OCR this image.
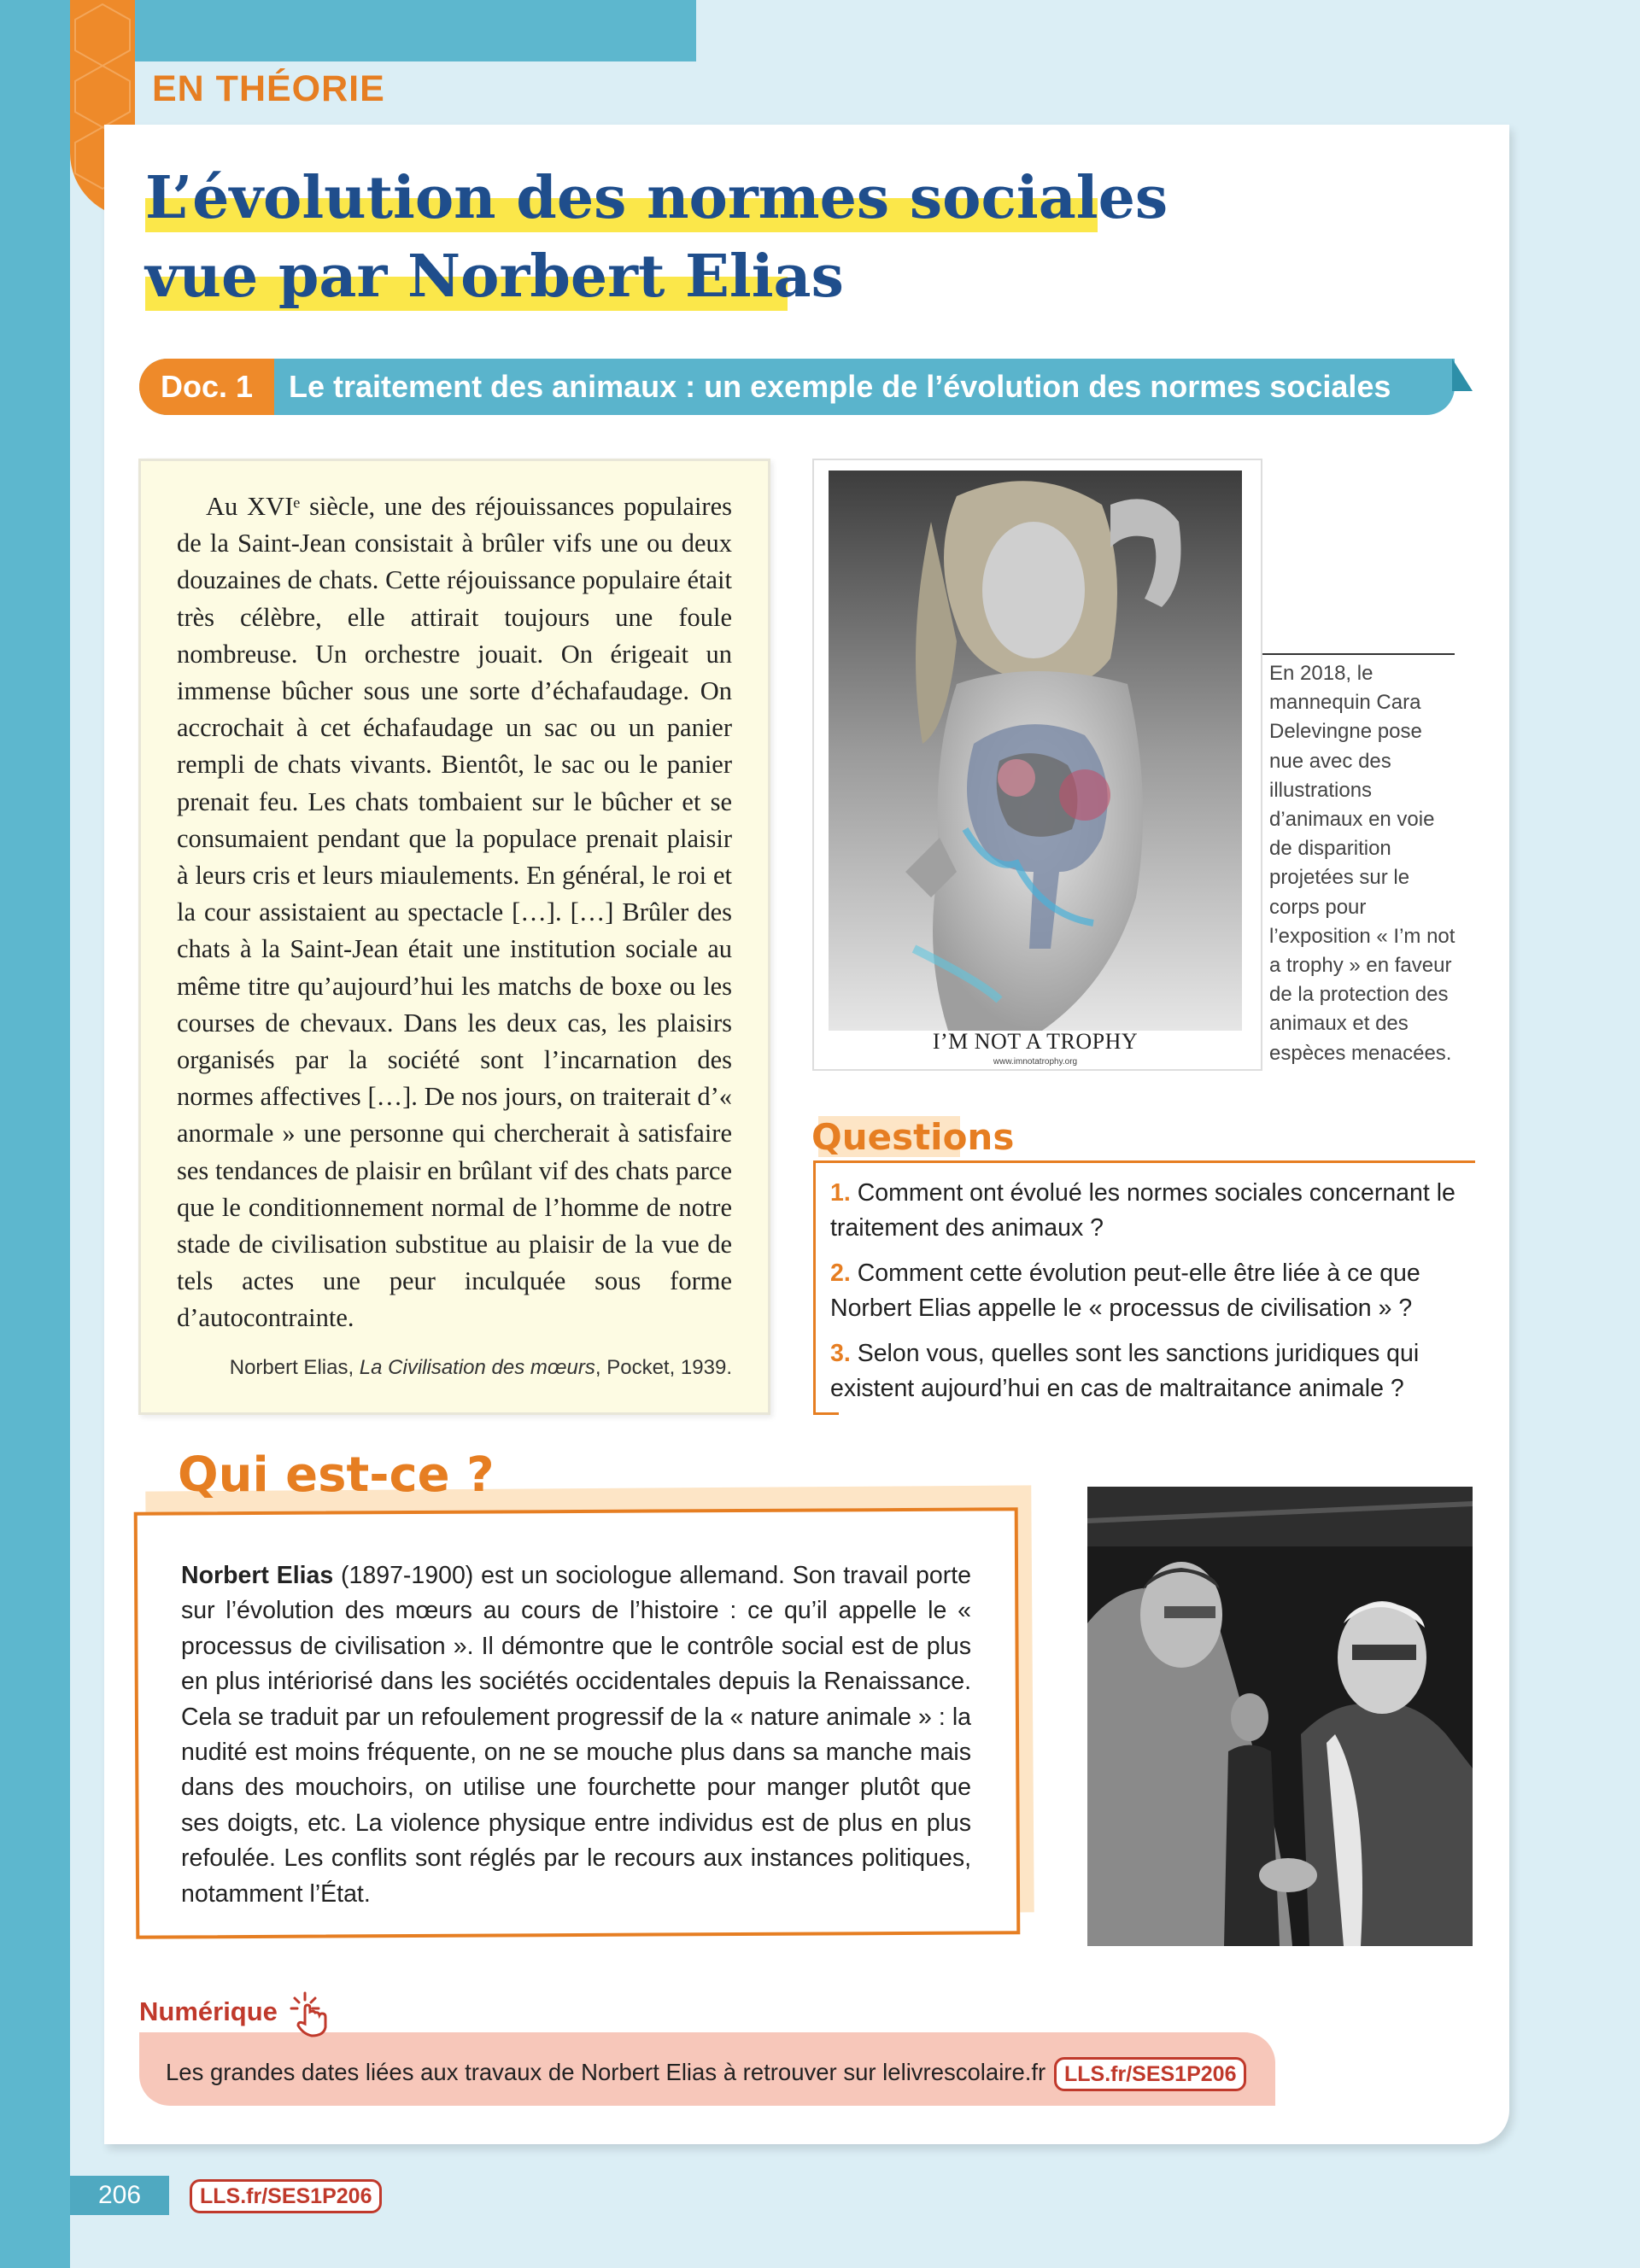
EN THÉORIE
L’évolution des normes sociales
vue par Norbert Elias
Doc. 1	Le traitement des animaux : un exemple de l’évolution des normes sociales

Au XVIᵉ siècle, une des réjouissances populaires de la Saint-Jean consistait à brûler vifs une ou deux douzaines de chats. Cette réjouissance populaire était très célèbre, elle attirait toujours une foule nombreuse. Un orchestre jouait. On érigeait un immense bûcher sous une sorte d’échafaudage. On accrochait à cet échafaudage un sac ou un panier rempli de chats vivants. Bientôt, le sac ou le panier prenait feu. Les chats tombaient sur le bûcher et se consumaient pendant que la populace prenait plaisir à leurs cris et leurs miaulements. En général, le roi et la cour assistaient au spectacle […]. […] Brûler des chats à la Saint-Jean était une institution sociale au même titre qu’aujourd’hui les matchs de boxe ou les courses de chevaux. Dans les deux cas, les plaisirs organisés par la société sont l’incarnation des normes affectives […]. De nos jours, on traiterait d’« anormale » une personne qui chercherait à satisfaire ses tendances de plaisir en brûlant vif des chats parce que le conditionnement normal de l’homme de notre stade de civilisation substitue au plaisir de la vue de tels actes une peur inculquée sous forme d’autocontrainte.

Norbert Elias, La Civilisation des mœurs, Pocket, 1939.

I’M NOT A TROPHY
www.imnotatrophy.org

En 2018, le mannequin Cara Delevingne pose nue avec des illustrations d’animaux en voie de disparition projetées sur le corps pour l’exposition « I’m not a trophy » en faveur de la protection des animaux et des espèces menacées.

Questions

1. Comment ont évolué les normes sociales concernant le traitement des animaux ?

2. Comment cette évolution peut-elle être liée à ce que Norbert Elias appelle le « processus de civilisation » ?

3. Selon vous, quelles sont les sanctions juridiques qui existent aujourd’hui en cas de maltraitance animale ?

Qui est-ce ?

Norbert Elias (1897-1900) est un sociologue allemand. Son travail porte sur l’évolution des mœurs au cours de l’histoire : ce qu’il appelle le « processus de civilisation ». Il démontre que le contrôle social est de plus en plus intériorisé dans les sociétés occidentales depuis la Renaissance. Cela se traduit par un refoulement progressif de la « nature animale » : la nudité est moins fréquente, on ne se mouche plus dans sa manche mais dans des mouchoirs, on utilise une fourchette pour manger plutôt que ses doigts, etc. La violence physique entre individus est de plus en plus refoulée. Les conflits sont réglés par le recours aux instances politiques, notamment l’État.

Numérique
Les grandes dates liées aux travaux de Norbert Elias à retrouver sur lelivrescolaire.fr LLS.fr/SES1P206
206	LLS.fr/SES1P206
